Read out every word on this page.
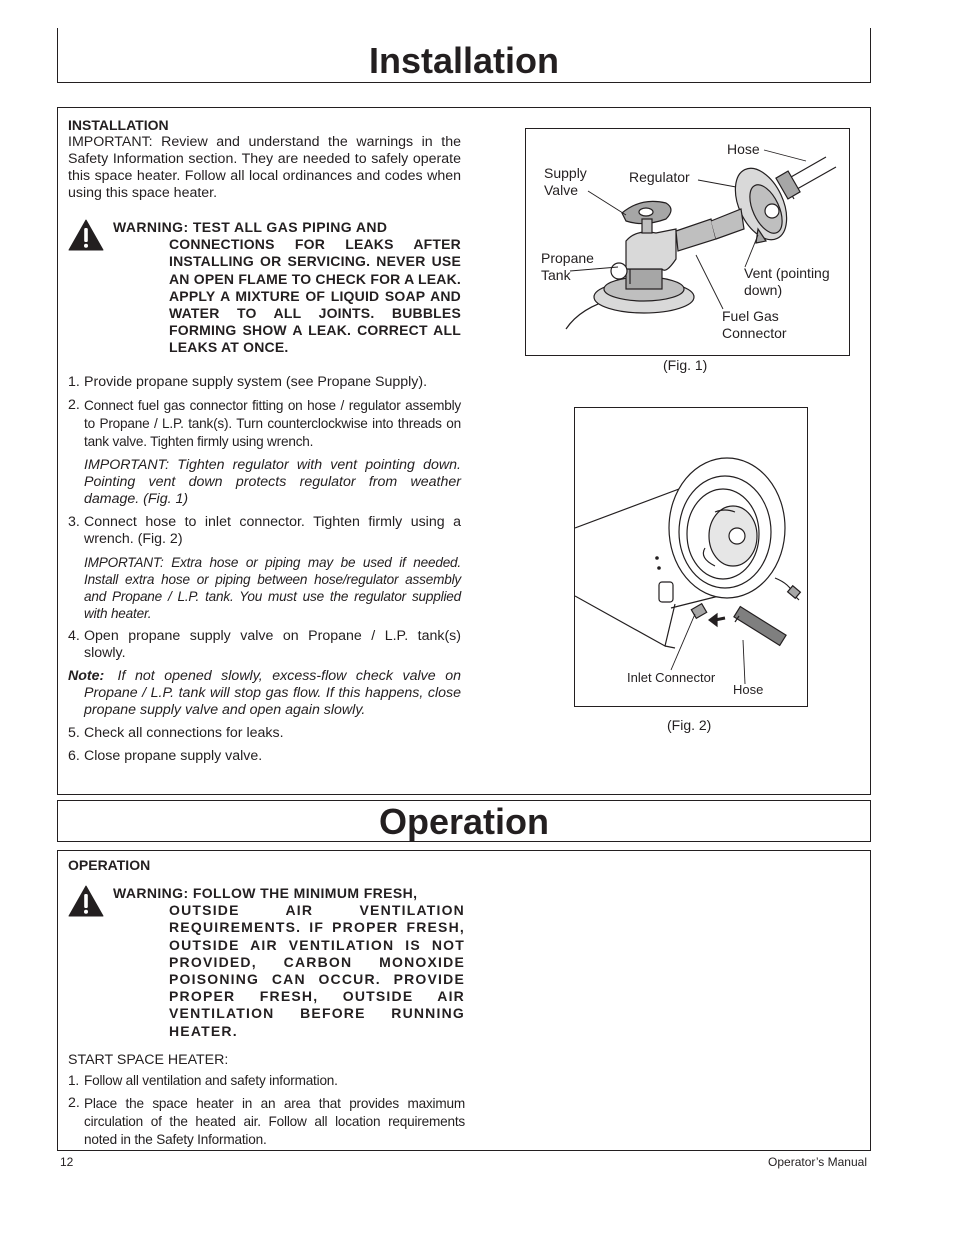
Installation
INSTALLATION
IMPORTANT: Review and understand the warnings in the Safety Information section. They are needed to safely operate this space heater. Follow all local ordinances and codes when using this space heater.
WARNING: TEST ALL GAS PIPING AND
CONNECTIONS FOR LEAKS AFTER INSTALLING OR SERVICING. NEVER USE AN OPEN FLAME TO CHECK FOR A LEAK. APPLY A MIXTURE OF LIQUID SOAP AND WATER TO ALL JOINTS. BUBBLES FORMING SHOW A LEAK. CORRECT ALL LEAKS AT ONCE.
1. Provide propane supply system (see Propane Supply).
2. Connect fuel gas connector fitting on hose / regulator assembly to Propane / L.P. tank(s). Turn counterclockwise into threads on tank valve. Tighten firmly using wrench.
IMPORTANT: Tighten regulator with vent pointing down. Pointing vent down protects regulator from weather damage. (Fig. 1)
3. Connect hose to inlet connector. Tighten firmly using a wrench. (Fig. 2)
IMPORTANT: Extra hose or piping may be used if needed. Install extra hose or piping between hose/regulator assembly and Propane / L.P. tank. You must use the regulator supplied with heater.
4. Open propane supply valve on Propane / L.P. tank(s) slowly.
Note: If not opened slowly, excess-flow check valve on Propane / L.P. tank will stop gas flow. If this happens, close propane supply valve and open again slowly.
5. Check all connections for leaks.
6. Close propane supply valve.
Hose
Supply
Valve
Regulator
Propane
Tank	Vent (pointing
down)
Fuel Gas
Connector
(Fig. 1)
Inlet Connector
Hose
(Fig. 2)
Operation
OPERATION
WARNING: FOLLOW THE MINIMUM FRESH,
OUTSIDE AIR VENTILATION REQUIREMENTS. IF PROPER FRESH, OUTSIDE AIR VENTILATION IS NOT PROVIDED, CARBON MONOXIDE POISONING CAN OCCUR. PROVIDE PROPER FRESH, OUTSIDE AIR VENTILATION BEFORE RUNNING HEATER.
START SPACE HEATER:
1. Follow all ventilation and safety information.
2. Place the space heater in an area that provides maximum circulation of the heated air. Follow all location requirements noted in the Safety Information.
12	Operator’s Manual
